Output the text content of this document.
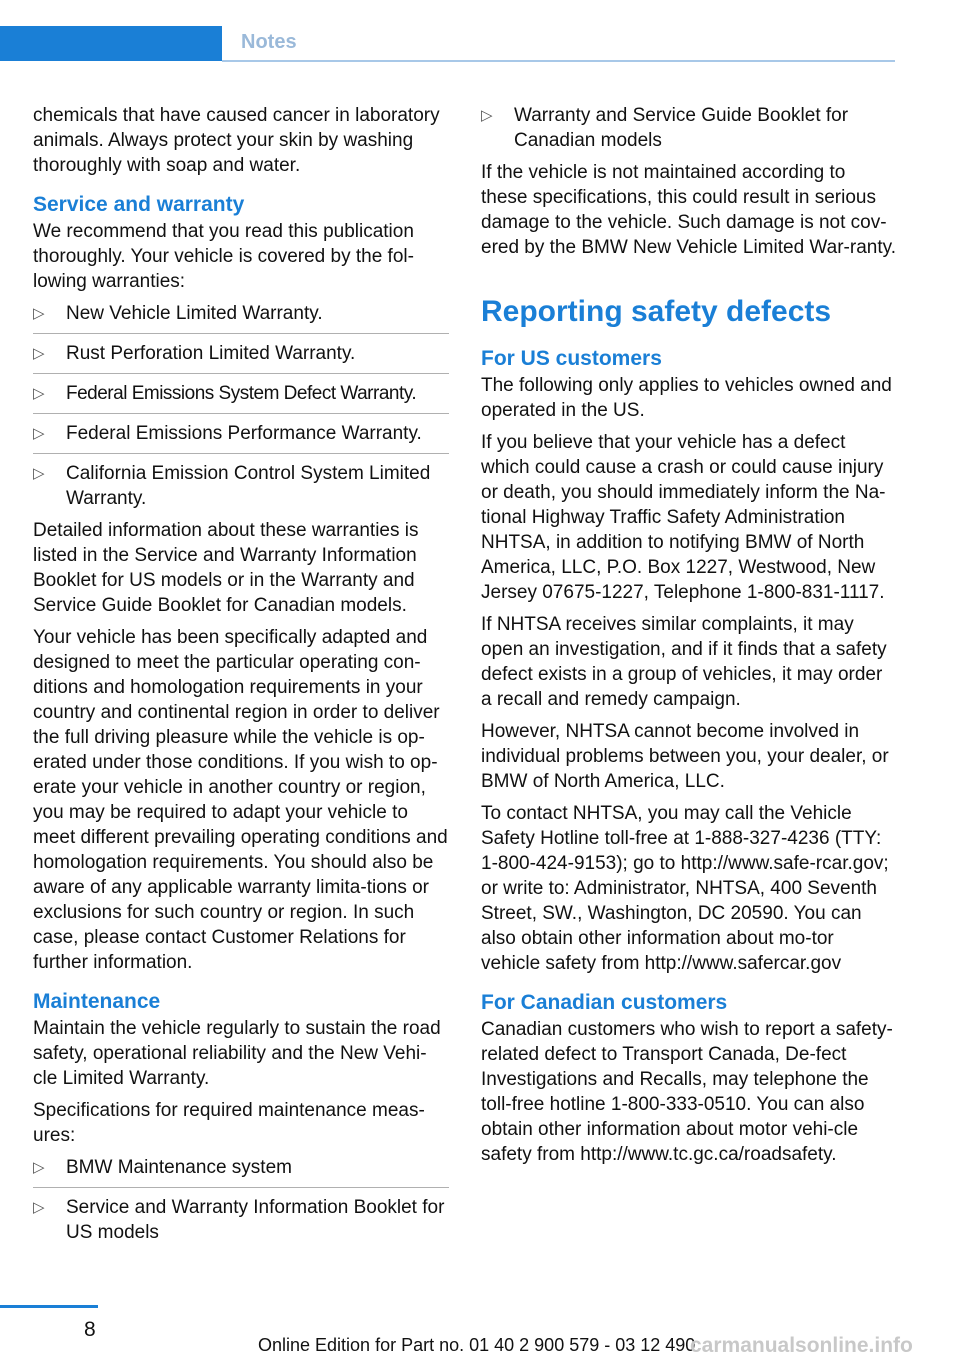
Notes

chemicals that have caused cancer in laboratory animals. Always protect your skin by washing thoroughly with soap and water.

Service and warranty

We recommend that you read this publication thoroughly. Your vehicle is covered by the fol‐lowing warranties:

▷ New Vehicle Limited Warranty.
▷ Rust Perforation Limited Warranty.
▷ Federal Emissions System Defect Warranty.
▷ Federal Emissions Performance Warranty.
▷ California Emission Control System Limited Warranty.

Detailed information about these warranties is listed in the Service and Warranty Information Booklet for US models or in the Warranty and Service Guide Booklet for Canadian models.

Your vehicle has been specifically adapted and designed to meet the particular operating con‐ditions and homologation requirements in your country and continental region in order to deliver the full driving pleasure while the vehicle is op‐erated under those conditions. If you wish to op‐erate your vehicle in another country or region, you may be required to adapt your vehicle to meet different prevailing operating conditions and homologation requirements. You should also be aware of any applicable warranty limita‐tions or exclusions for such country or region. In such case, please contact Customer Relations for further information.

Maintenance

Maintain the vehicle regularly to sustain the road safety, operational reliability and the New Vehi‐cle Limited Warranty.

Specifications for required maintenance meas‐ures:

▷ BMW Maintenance system
▷ Service and Warranty Information Booklet for US models
▷ Warranty and Service Guide Booklet for Canadian models

If the vehicle is not maintained according to these specifications, this could result in serious damage to the vehicle. Such damage is not cov‐ered by the BMW New Vehicle Limited War‐ranty.

Reporting safety defects
For US customers

The following only applies to vehicles owned and operated in the US.

If you believe that your vehicle has a defect which could cause a crash or could cause injury or death, you should immediately inform the Na‐tional Highway Traffic Safety Administration NHTSA, in addition to notifying BMW of North America, LLC, P.O. Box 1227, Westwood, New Jersey 07675-1227, Telephone 1-800-831-1117.

If NHTSA receives similar complaints, it may open an investigation, and if it finds that a safety defect exists in a group of vehicles, it may order a recall and remedy campaign.

However, NHTSA cannot become involved in individual problems between you, your dealer, or BMW of North America, LLC.

To contact NHTSA, you may call the Vehicle Safety Hotline toll-free at 1-888-327-4236 (TTY: 1-800-424-9153); go to http://www.safe‐rcar.gov; or write to: Administrator, NHTSA, 400 Seventh Street, SW., Washington, DC 20590. You can also obtain other information about mo‐tor vehicle safety from http://www.safercar.gov

For Canadian customers

Canadian customers who wish to report a safety-related defect to Transport Canada, De‐fect Investigations and Recalls, may telephone the toll-free hotline 1-800-333-0510. You can also obtain other information about motor vehi‐cle safety from http://www.tc.gc.ca/roadsafety.

8
Online Edition for Part no. 01 40 2 900 579 - 03 12 490
carmanualsonline.info
